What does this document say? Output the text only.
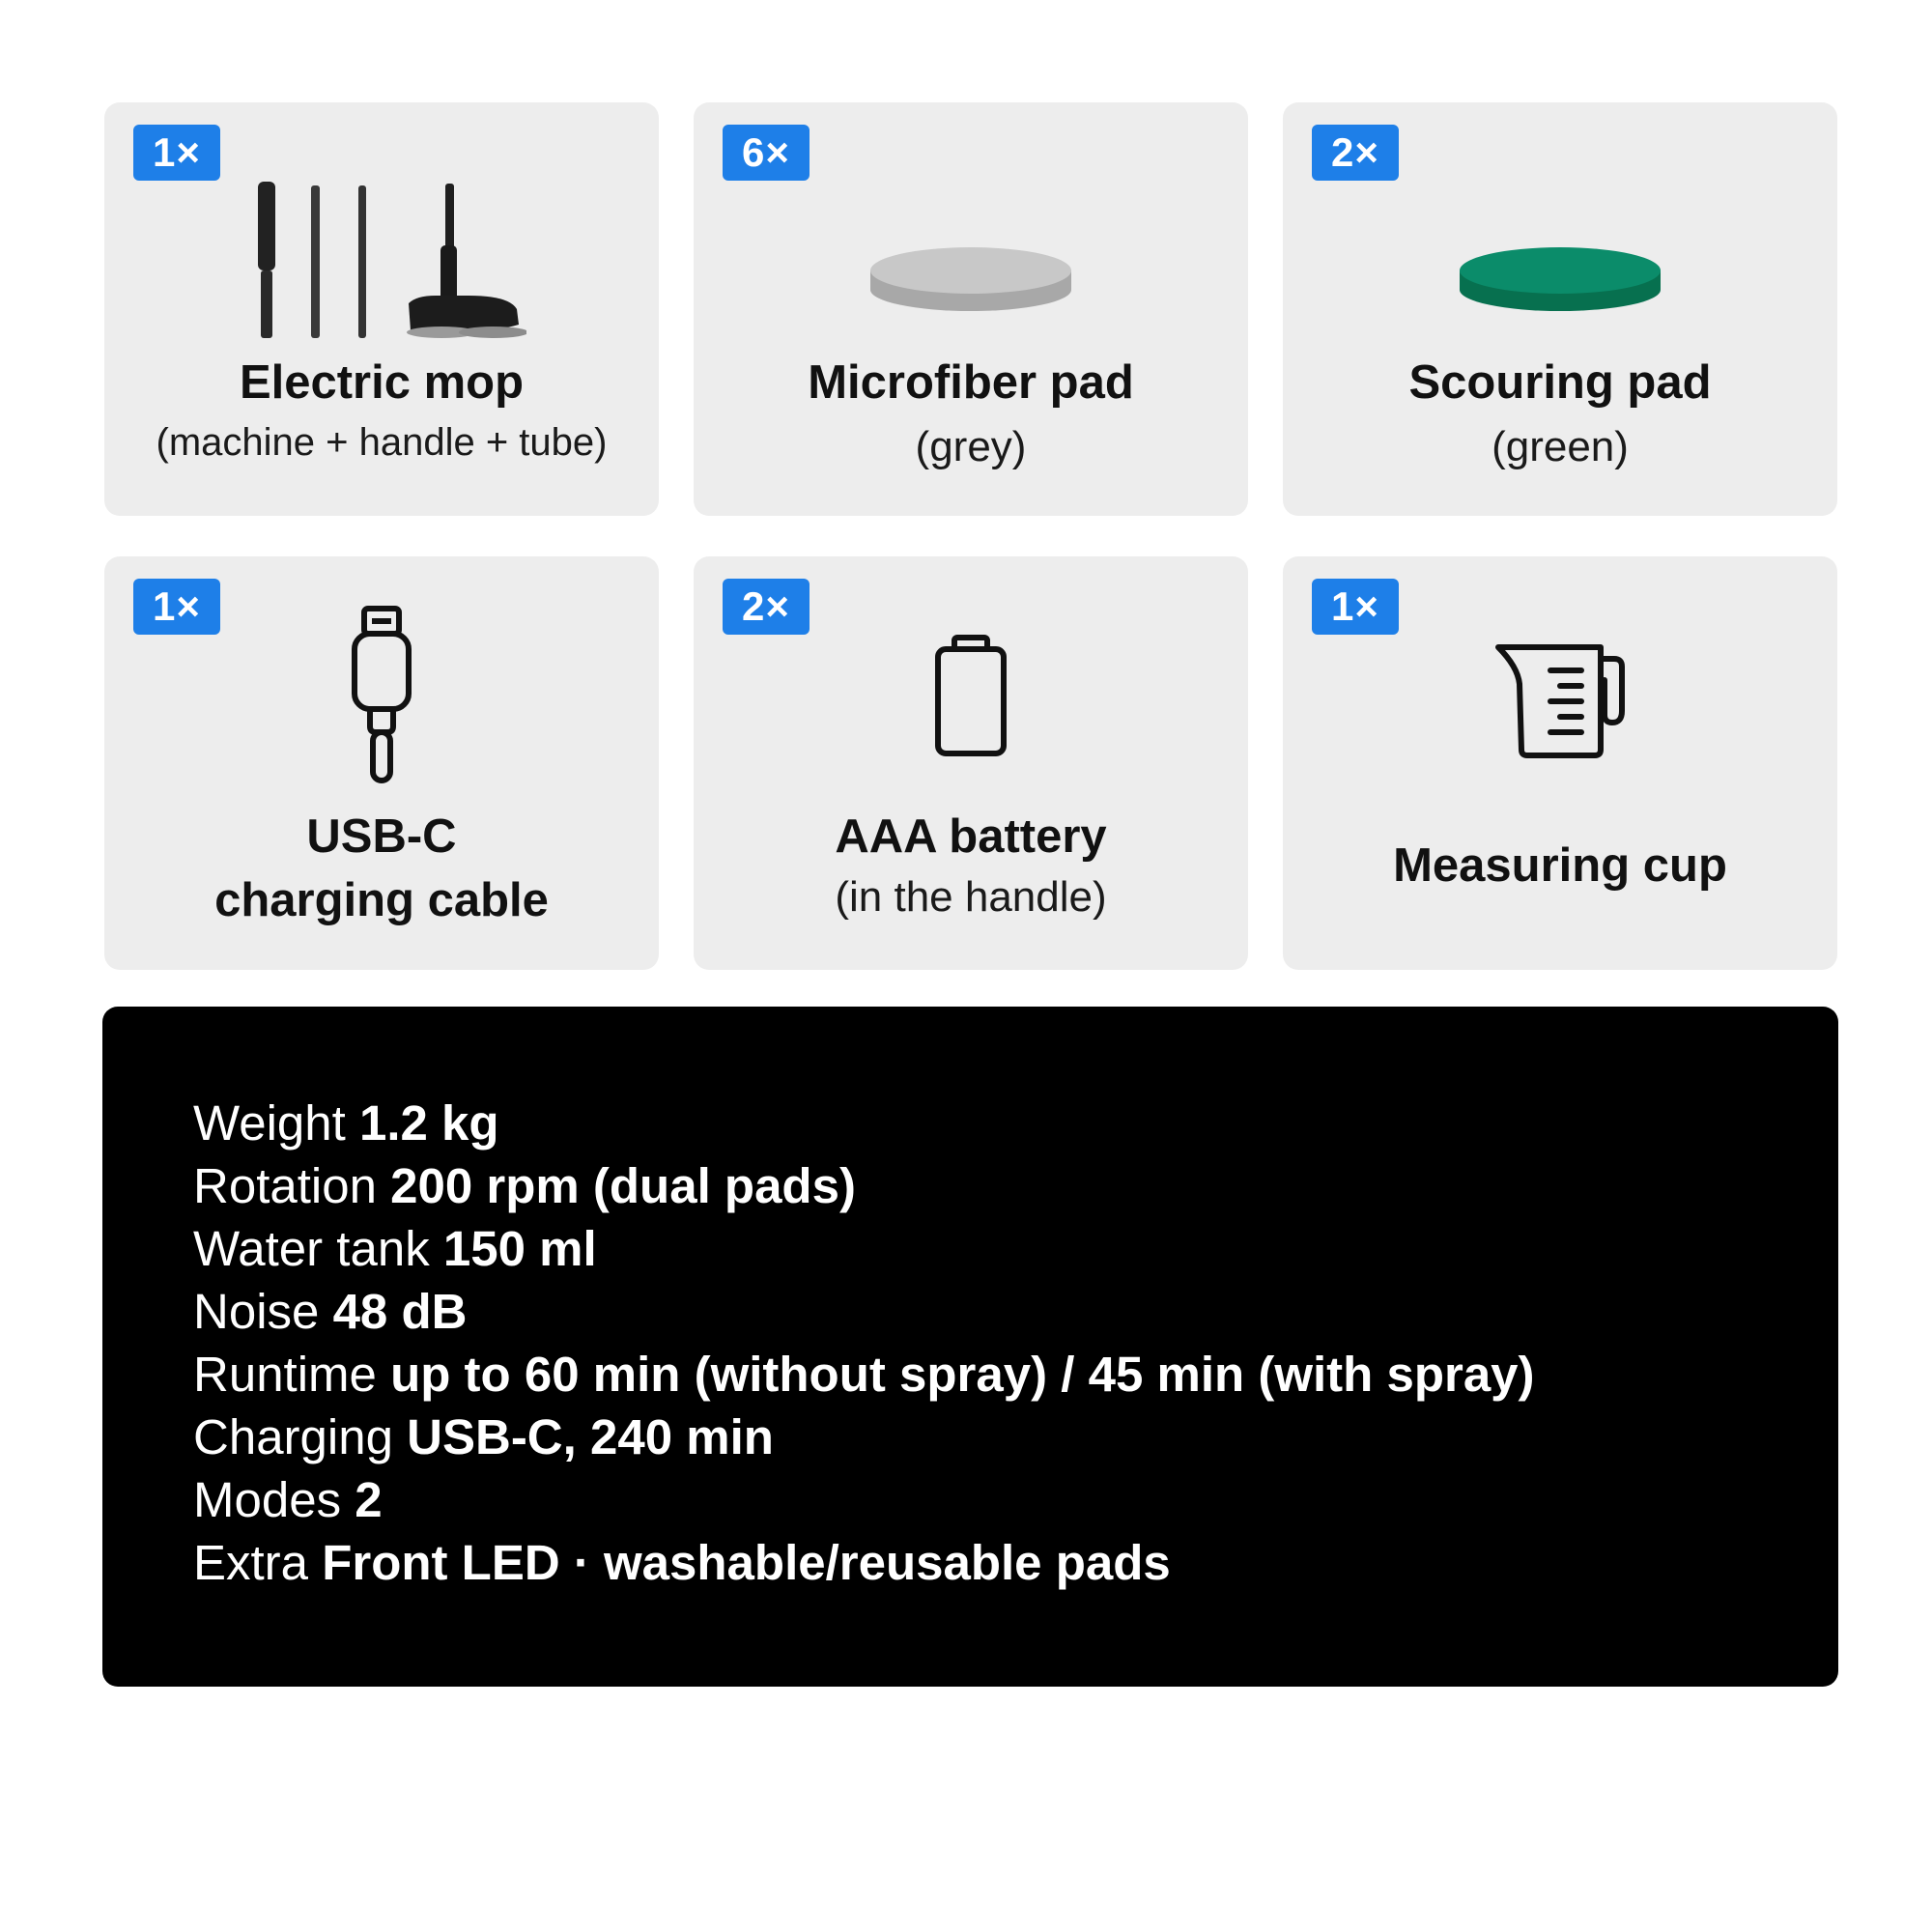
1×
Electric mop
(machine + handle + tube)
6×
Microfiber pad
(grey)
2×
Scouring pad
(green)
1×
USB-C
charging cable
2×
AAA battery
(in the handle)
1×
Measuring cup
Weight 1.2 kg
Rotation 200 rpm (dual pads)
Water tank 150 ml
Noise 48 dB
Runtime up to 60 min (without spray) / 45 min (with spray)
Charging USB-C, 240 min
Modes 2
Extra Front LED · washable/reusable pads
